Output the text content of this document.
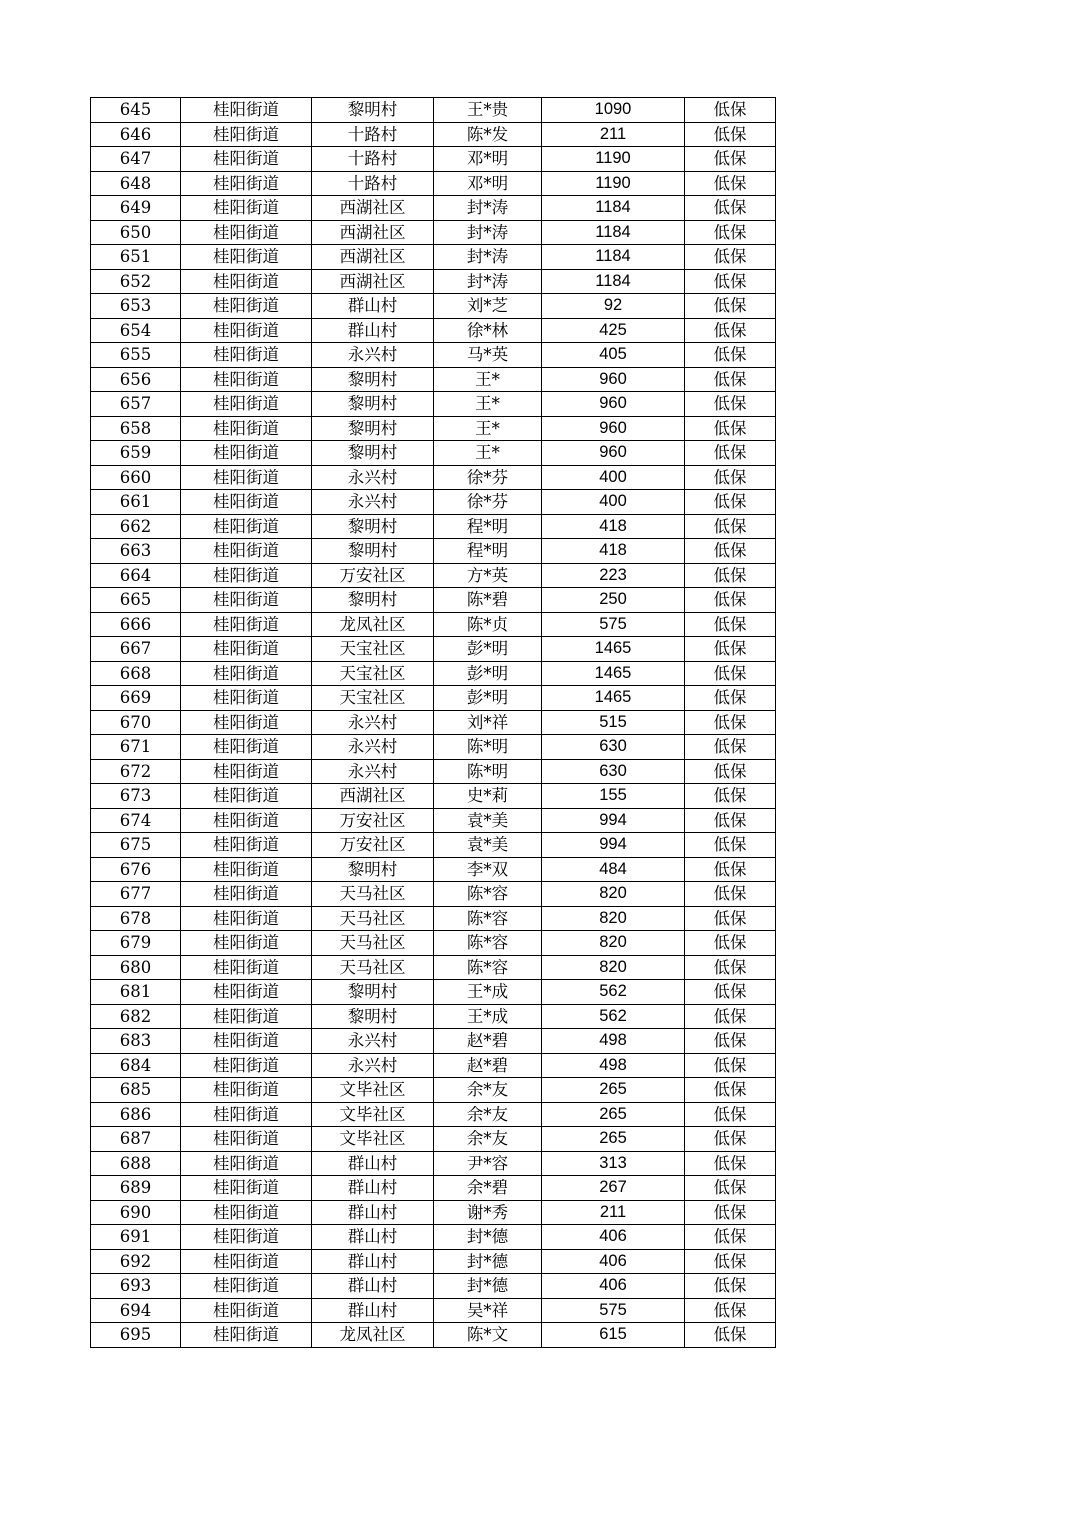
645	桂阳街道	黎明村	王*贵	1090	低保
646	桂阳街道	十路村	陈*发	211	低保
647	桂阳街道	十路村	邓*明	1190	低保
648	桂阳街道	十路村	邓*明	1190	低保
649	桂阳街道	西湖社区	封*涛	1184	低保
650	桂阳街道	西湖社区	封*涛	1184	低保
651	桂阳街道	西湖社区	封*涛	1184	低保
652	桂阳街道	西湖社区	封*涛	1184	低保
653	桂阳街道	群山村	刘*芝	92	低保
654	桂阳街道	群山村	徐*林	425	低保
655	桂阳街道	永兴村	马*英	405	低保
656	桂阳街道	黎明村	王*	960	低保
657	桂阳街道	黎明村	王*	960	低保
658	桂阳街道	黎明村	王*	960	低保
659	桂阳街道	黎明村	王*	960	低保
660	桂阳街道	永兴村	徐*芬	400	低保
661	桂阳街道	永兴村	徐*芬	400	低保
662	桂阳街道	黎明村	程*明	418	低保
663	桂阳街道	黎明村	程*明	418	低保
664	桂阳街道	万安社区	方*英	223	低保
665	桂阳街道	黎明村	陈*碧	250	低保
666	桂阳街道	龙凤社区	陈*贞	575	低保
667	桂阳街道	天宝社区	彭*明	1465	低保
668	桂阳街道	天宝社区	彭*明	1465	低保
669	桂阳街道	天宝社区	彭*明	1465	低保
670	桂阳街道	永兴村	刘*祥	515	低保
671	桂阳街道	永兴村	陈*明	630	低保
672	桂阳街道	永兴村	陈*明	630	低保
673	桂阳街道	西湖社区	史*莉	155	低保
674	桂阳街道	万安社区	袁*美	994	低保
675	桂阳街道	万安社区	袁*美	994	低保
676	桂阳街道	黎明村	李*双	484	低保
677	桂阳街道	天马社区	陈*容	820	低保
678	桂阳街道	天马社区	陈*容	820	低保
679	桂阳街道	天马社区	陈*容	820	低保
680	桂阳街道	天马社区	陈*容	820	低保
681	桂阳街道	黎明村	王*成	562	低保
682	桂阳街道	黎明村	王*成	562	低保
683	桂阳街道	永兴村	赵*碧	498	低保
684	桂阳街道	永兴村	赵*碧	498	低保
685	桂阳街道	文毕社区	余*友	265	低保
686	桂阳街道	文毕社区	余*友	265	低保
687	桂阳街道	文毕社区	余*友	265	低保
688	桂阳街道	群山村	尹*容	313	低保
689	桂阳街道	群山村	余*碧	267	低保
690	桂阳街道	群山村	谢*秀	211	低保
691	桂阳街道	群山村	封*德	406	低保
692	桂阳街道	群山村	封*德	406	低保
693	桂阳街道	群山村	封*德	406	低保
694	桂阳街道	群山村	吴*祥	575	低保
695	桂阳街道	龙凤社区	陈*文	615	低保
